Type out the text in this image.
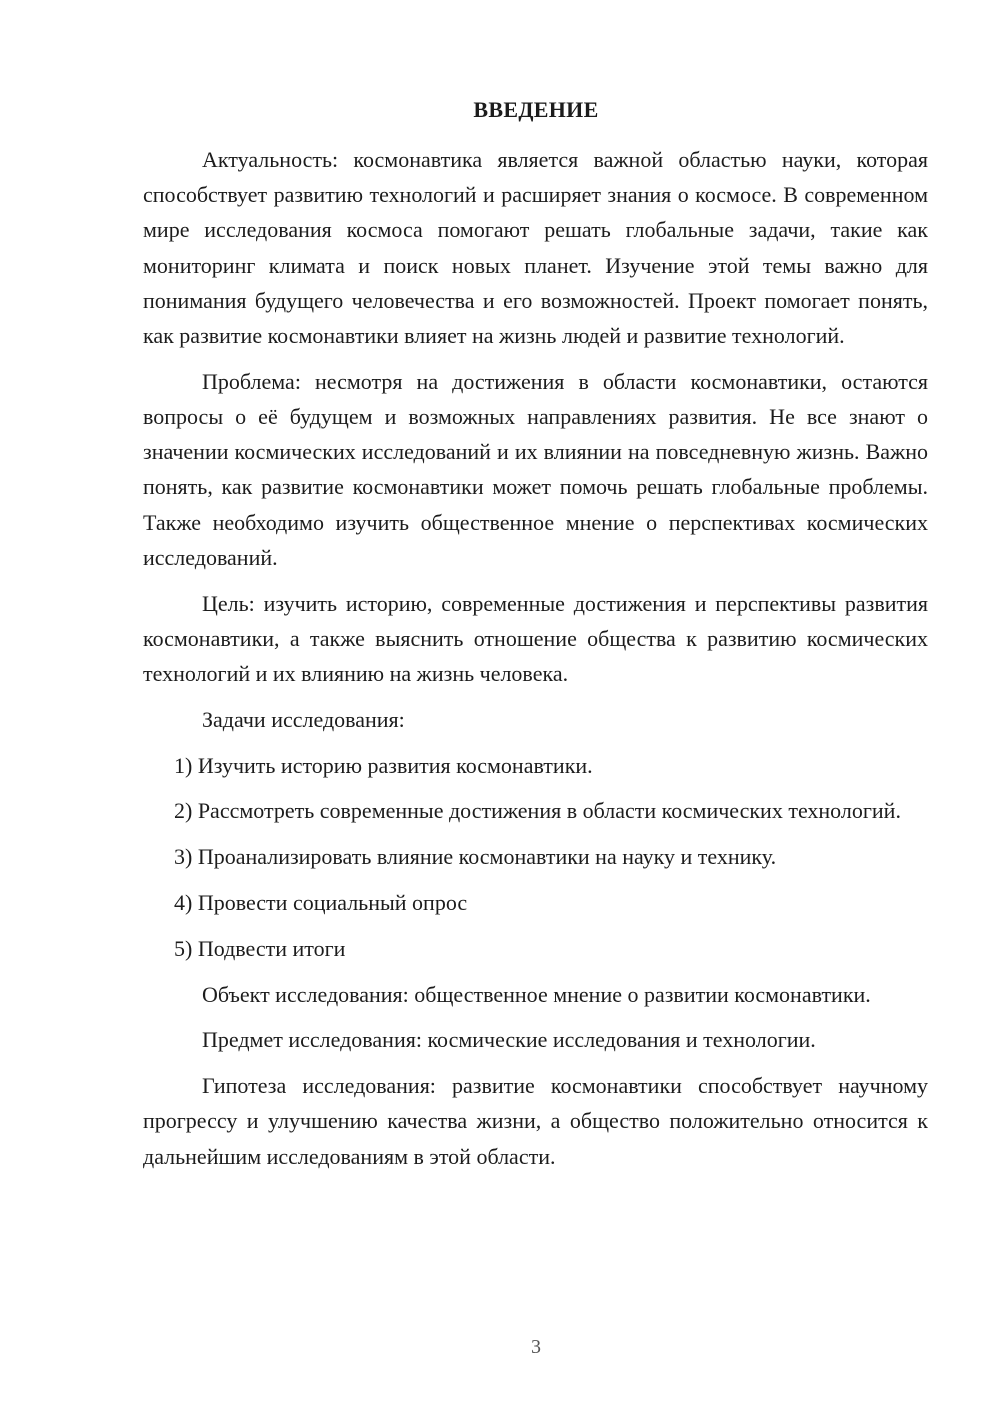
ВВЕДЕНИЕ

Актуальность: космонавтика является важной областью науки, которая способствует развитию технологий и расширяет знания о космосе. В современном мире исследования космоса помогают решать глобальные задачи, такие как мониторинг климата и поиск новых планет. Изучение этой темы важно для понимания будущего человечества и его возможностей. Проект помогает понять, как развитие космонавтики влияет на жизнь людей и развитие технологий.

Проблема: несмотря на достижения в области космонавтики, остаются вопросы о её будущем и возможных направлениях развития. Не все знают о значении космических исследований и их влиянии на повседневную жизнь. Важно понять, как развитие космонавтики может помочь решать глобальные проблемы. Также необходимо изучить общественное мнение о перспективах космических исследований.

Цель: изучить историю, современные достижения и перспективы развития космонавтики, а также выяснить отношение общества к развитию космических технологий и их влиянию на жизнь человека.

Задачи исследования:

1) Изучить историю развития космонавтики.

2) Рассмотреть современные достижения в области космических технологий.

3) Проанализировать влияние космонавтики на науку и технику.

4) Провести социальный опрос

5) Подвести итоги

Объект исследования: общественное мнение о развитии космонавтики.

Предмет исследования: космические исследования и технологии.

Гипотеза исследования: развитие космонавтики способствует научному прогрессу и улучшению качества жизни, а общество положительно относится к дальнейшим исследованиям в этой области.

3
